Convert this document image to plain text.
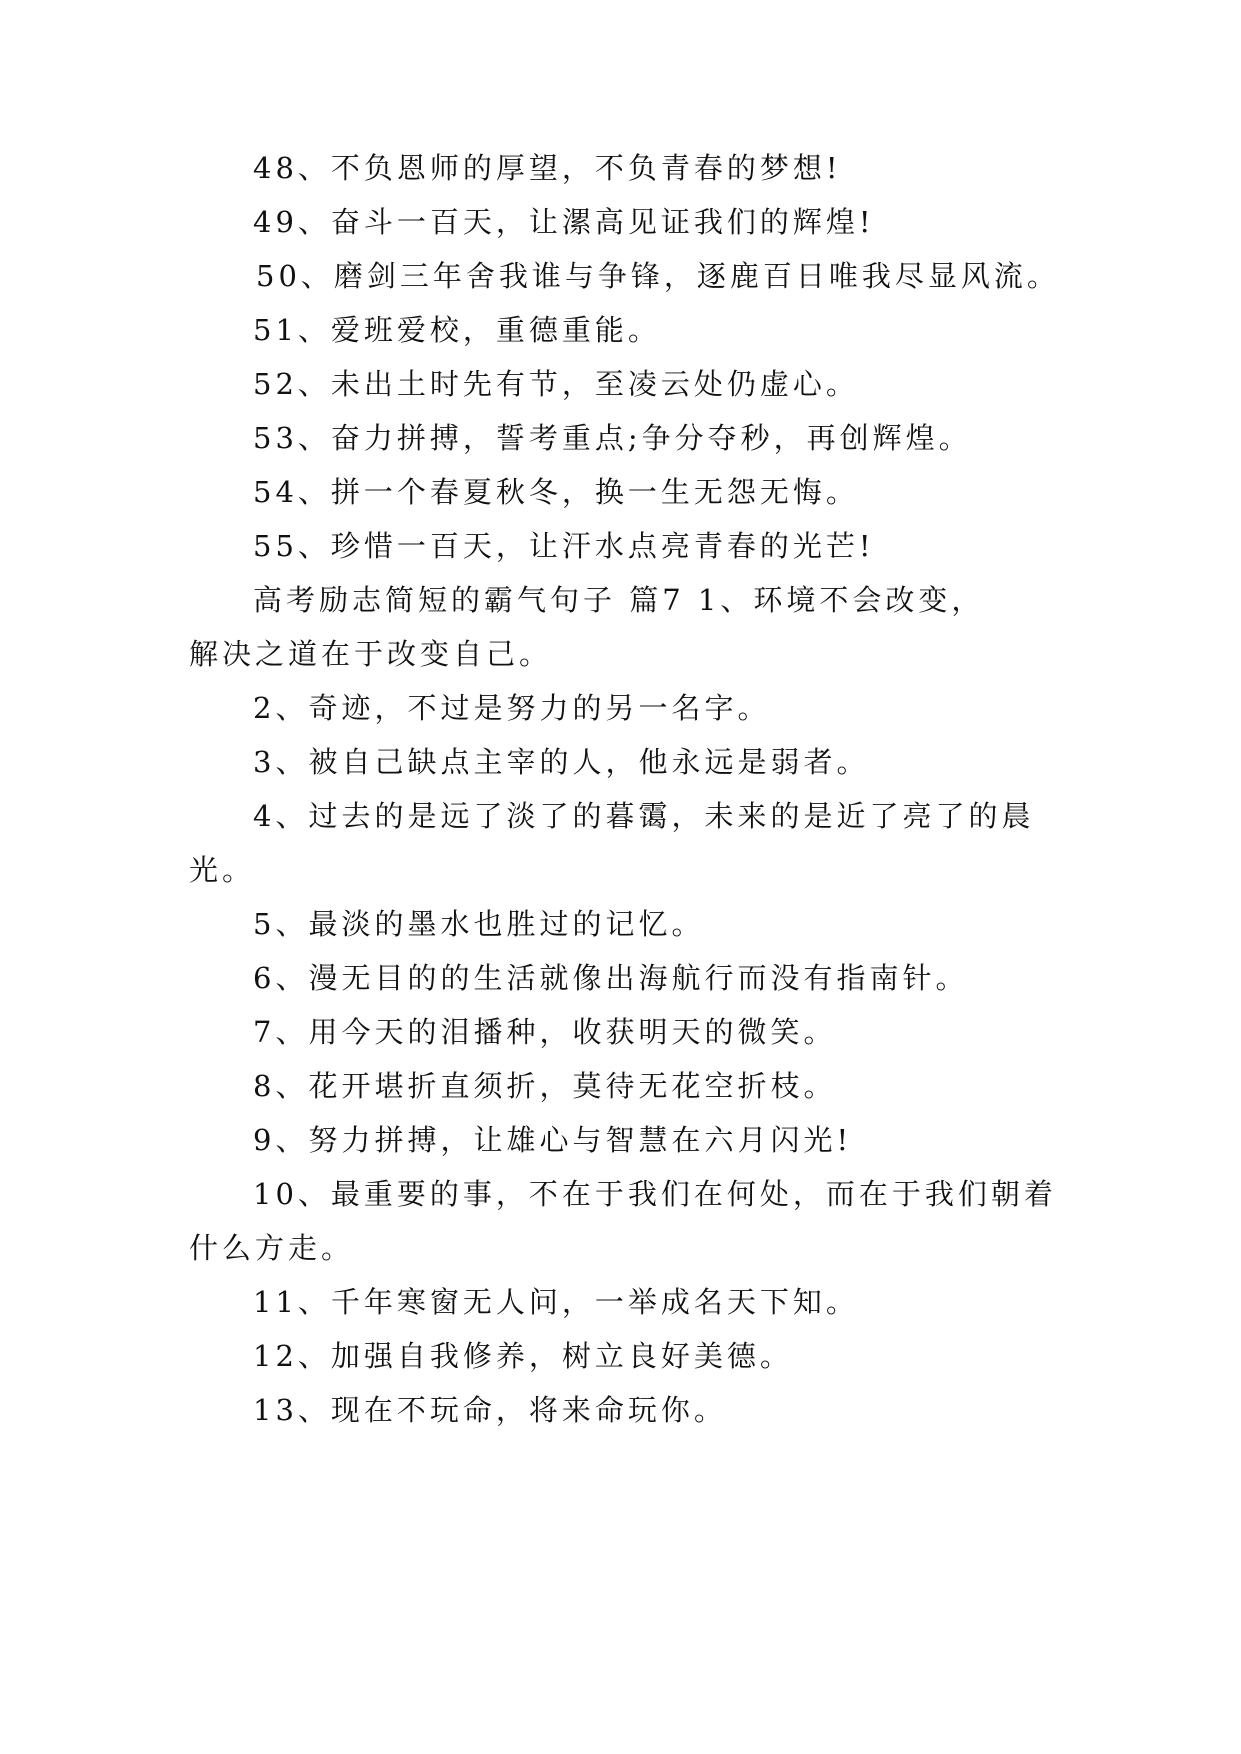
48、不负恩师的厚望，不负青春的梦想!
49、奋斗一百天，让漯高见证我们的辉煌!
50、磨剑三年舍我谁与争锋，逐鹿百日唯我尽显风流。
51、爱班爱校，重德重能。
52、未出土时先有节，至凌云处仍虚心。
53、奋力拼搏，誓考重点;争分夺秒，再创辉煌。
54、拼一个春夏秋冬，换一生无怨无悔。
55、珍惜一百天，让汗水点亮青春的光芒!
高考励志简短的霸气句子 篇7 1、环境不会改变，
解决之道在于改变自己。
2、奇迹，不过是努力的另一名字。
3、被自己缺点主宰的人，他永远是弱者。
4、过去的是远了淡了的暮霭，未来的是近了亮了的晨
光。
5、最淡的墨水也胜过的记忆。
6、漫无目的的生活就像出海航行而没有指南针。
7、用今天的泪播种，收获明天的微笑。
8、花开堪折直须折，莫待无花空折枝。
9、努力拼搏，让雄心与智慧在六月闪光!
10、最重要的事，不在于我们在何处，而在于我们朝着
什么方走。
11、千年寒窗无人问，一举成名天下知。
12、加强自我修养，树立良好美德。
13、现在不玩命，将来命玩你。
